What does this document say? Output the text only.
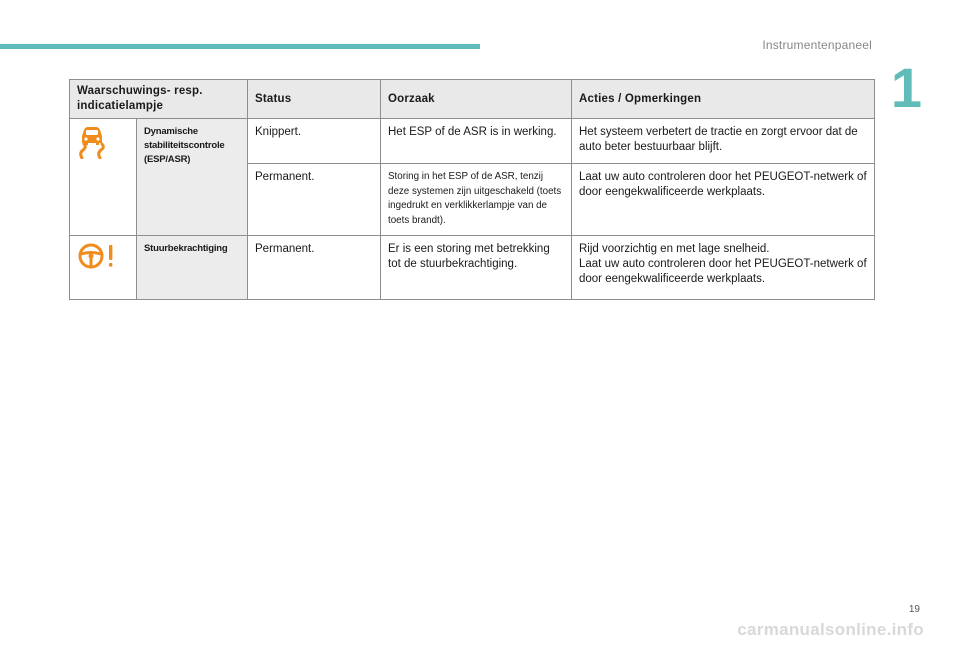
Instrumentenpaneel
1
Waarschuwings- resp. indicatielampje		Status	Oorzaak	Acties / Opmerkingen
	Dynamische stabiliteitscontrole (ESP/ASR)	Knippert.	Het ESP of de ASR is in werking.	Het systeem verbetert de tractie en zorgt ervoor dat de auto beter bestuurbaar blijft.
		Permanent.	Storing in het ESP of de ASR, tenzij deze systemen zijn uitgeschakeld (toets ingedrukt en verklikkerlampje van de toets brandt).	Laat uw auto controleren door het PEUGEOT-netwerk of door eengekwalificeerde werkplaats.
	Stuurbekrachtiging	Permanent.	Er is een storing met betrekking tot de stuurbekrachtiging.	Rijd voorzichtig en met lage snelheid.
Laat uw auto controleren door het PEUGEOT-netwerk of door eengekwalificeerde werkplaats.
19
carmanualsonline.info
